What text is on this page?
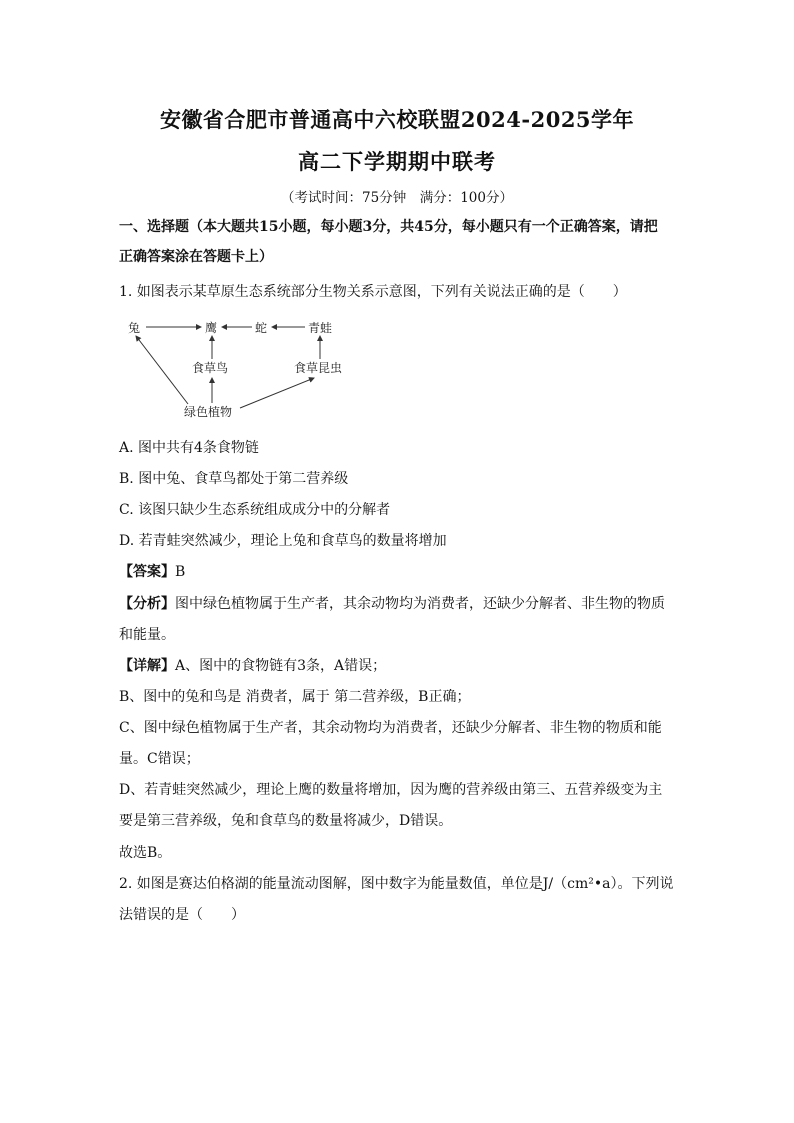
安徽省合肥市普通高中六校联盟2024-2025学年
高二下学期期中联考
（考试时间：75分钟　满分：100分）
一、选择题（本大题共15小题，每小题3分，共45分，每小题只有一个正确答案，请把
正确答案涂在答题卡上）
1. 如图表示某草原生态系统部分生物关系示意图，下列有关说法正确的是（　　）
兔	鹰	蛇	青蛙
食草鸟	食草昆虫
绿色植物
A. 图中共有4条食物链
B. 图中兔、食草鸟都处于第二营养级
C. 该图只缺少生态系统组成成分中的分解者
D. 若青蛙突然减少，理论上兔和食草鸟的数量将增加
【答案】B
【分析】图中绿色植物属于生产者，其余动物均为消费者，还缺少分解者、非生物的物质
和能量。
【详解】A、图中的食物链有3条，A错误；
B、图中的兔和鸟是 消费者，属于 第二营养级，B正确；
C、图中绿色植物属于生产者，其余动物均为消费者，还缺少分解者、非生物的物质和能
量。C错误；
D、若青蛙突然减少，理论上鹰的数量将增加，因为鹰的营养级由第三、五营养级变为主
要是第三营养级，兔和食草鸟的数量将减少，D错误。
故选B。
2. 如图是赛达伯格湖的能量流动图解，图中数字为能量数值，单位是J/（cm²•a）。下列说
法错误的是（　　）
